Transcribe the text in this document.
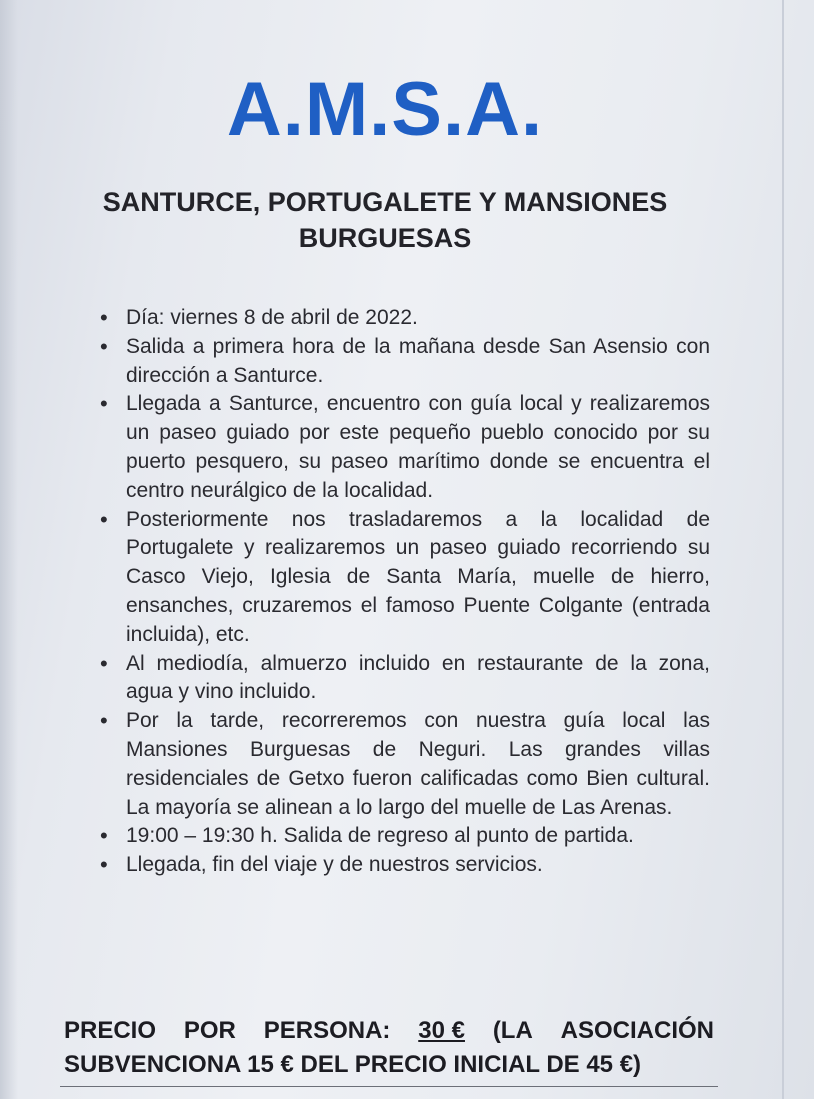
A.M.S.A.
SANTURCE, PORTUGALETE Y MANSIONES
BURGUESAS
• Día: viernes 8 de abril de 2022.
• Salida a primera hora de la mañana desde San Asensio con dirección a Santurce.
• Llegada a Santurce, encuentro con guía local y realizaremos un paseo guiado por este pequeño pueblo conocido por su puerto pesquero, su paseo marítimo donde se encuentra el centro neurálgico de la localidad.
• Posteriormente nos trasladaremos a la localidad de Portugalete y realizaremos un paseo guiado recorriendo su Casco Viejo, Iglesia de Santa María, muelle de hierro, ensanches, cruzaremos el famoso Puente Colgante (entrada incluida), etc.
• Al mediodía, almuerzo incluido en restaurante de la zona, agua y vino incluido.
• Por la tarde, recorreremos con nuestra guía local las Mansiones Burguesas de Neguri. Las grandes villas residenciales de Getxo fueron calificadas como Bien cultural. La mayoría se alinean a lo largo del muelle de Las Arenas.
• 19:00 – 19:30 h. Salida de regreso al punto de partida.
• Llegada, fin del viaje y de nuestros servicios.
PRECIO POR PERSONA: 30 € (LA ASOCIACIÓN
SUBVENCIONA 15 € DEL PRECIO INICIAL DE 45 €)
